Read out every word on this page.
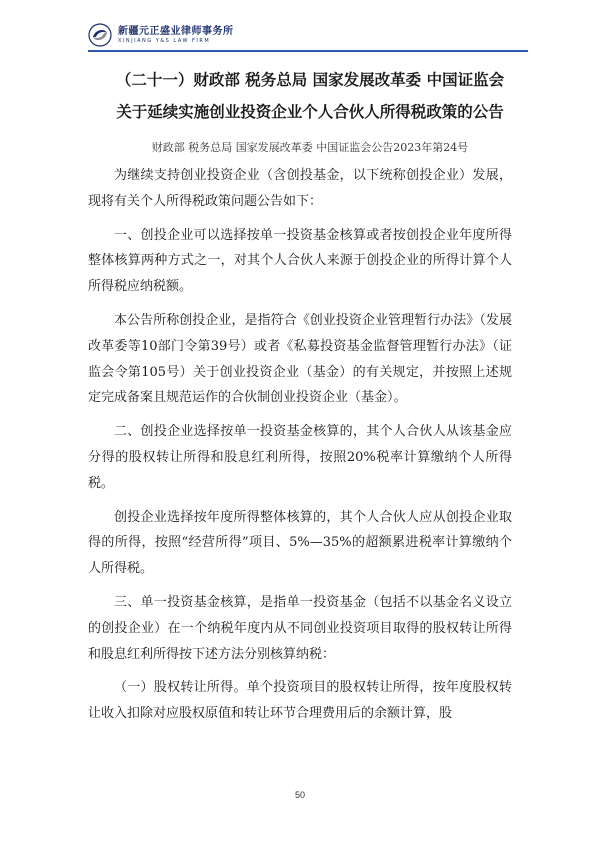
新疆元正盛业律师事务所
XINJIANG Y&S LAW FIRM
（二十一）财政部 税务总局 国家发展改革委 中国证监会
关于延续实施创业投资企业个人合伙人所得税政策的公告
财政部 税务总局 国家发展改革委 中国证监会公告2023年第24号

为继续支持创业投资企业（含创投基金，以下统称创投企业）发展，现将有关个人所得税政策问题公告如下：

一、创投企业可以选择按单一投资基金核算或者按创投企业年度所得整体核算两种方式之一，对其个人合伙人来源于创投企业的所得计算个人所得税应纳税额。

本公告所称创投企业，是指符合《创业投资企业管理暂行办法》（发展改革委等10部门令第39号）或者《私募投资基金监督管理暂行办法》（证监会令第105号）关于创业投资企业（基金）的有关规定，并按照上述规定完成备案且规范运作的合伙制创业投资企业（基金）。

二、创投企业选择按单一投资基金核算的，其个人合伙人从该基金应分得的股权转让所得和股息红利所得，按照20%税率计算缴纳个人所得税。

创投企业选择按年度所得整体核算的，其个人合伙人应从创投企业取得的所得，按照“经营所得”项目、5%—35%的超额累进税率计算缴纳个人所得税。

三、单一投资基金核算，是指单一投资基金（包括不以基金名义设立的创投企业）在一个纳税年度内从不同创业投资项目取得的股权转让所得和股息红利所得按下述方法分别核算纳税：

（一）股权转让所得。单个投资项目的股权转让所得，按年度股权转让收入扣除对应股权原值和转让环节合理费用后的余额计算，股

50
